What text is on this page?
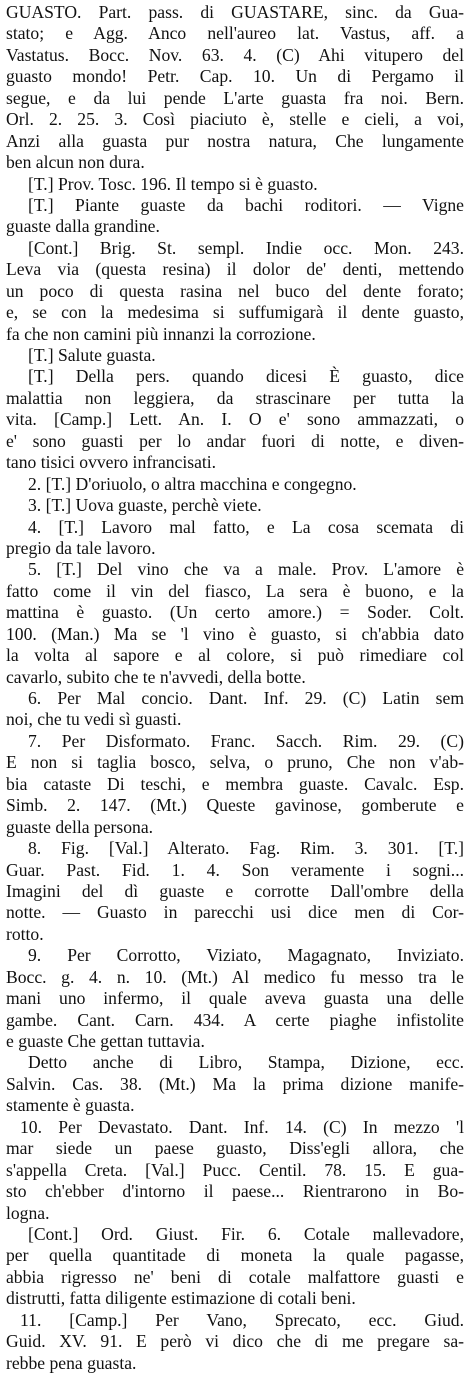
GUASTO. Part. pass. di GUASTARE, sinc. da Gua-
stato; e Agg. Anco nell'aureo lat. Vastus, aff. a
Vastatus. Bocc. Nov. 63. 4. (C) Ahi vitupero del
guasto mondo! Petr. Cap. 10. Un di Pergamo il
segue, e da lui pende L'arte guasta fra noi. Bern.
Orl. 2. 25. 3. Così piaciuto è, stelle e cieli, a voi,
Anzi alla guasta pur nostra natura, Che lungamente
ben alcun non dura.
[T.] Prov. Tosc. 196. Il tempo si è guasto.
[T.] Piante guaste da bachi roditori. — Vigne
guaste dalla grandine.
[Cont.] Brig. St. sempl. Indie occ. Mon. 243.
Leva via (questa resina) il dolor de' denti, mettendo
un poco di questa rasina nel buco del dente forato;
e, se con la medesima si suffumigarà il dente guasto,
fa che non camini più innanzi la corrozione.
[T.] Salute guasta.
[T.] Della pers. quando dicesi È guasto, dice
malattia non leggiera, da strascinare per tutta la
vita. [Camp.] Lett. An. I. O e' sono ammazzati, o
e' sono guasti per lo andar fuori di notte, e diven-
tano tisici ovvero infrancisati.
2. [T.] D'oriuolo, o altra macchina e congegno.
3. [T.] Uova guaste, perchè viete.
4. [T.] Lavoro mal fatto, e La cosa scemata di
pregio da tale lavoro.
5. [T.] Del vino che va a male. Prov. L'amore è
fatto come il vin del fiasco, La sera è buono, e la
mattina è guasto. (Un certo amore.) = Soder. Colt.
100. (Man.) Ma se 'l vino è guasto, si ch'abbia dato
la volta al sapore e al colore, si può rimediare col
cavarlo, subito che te n'avvedi, della botte.
6. Per Mal concio. Dant. Inf. 29. (C) Latin sem
noi, che tu vedi sì guasti.
7. Per Disformato. Franc. Sacch. Rim. 29. (C)
E non si taglia bosco, selva, o pruno, Che non v'ab-
bia cataste Di teschi, e membra guaste. Cavalc. Esp.
Simb. 2. 147. (Mt.) Queste gavinose, gomberute e
guaste della persona.
8. Fig. [Val.] Alterato. Fag. Rim. 3. 301. [T.]
Guar. Past. Fid. 1. 4. Son veramente i sogni...
Imagini del dì guaste e corrotte Dall'ombre della
notte. — Guasto in parecchi usi dice men di Cor-
rotto.
9. Per Corrotto, Viziato, Magagnato, Inviziato.
Bocc. g. 4. n. 10. (Mt.) Al medico fu messo tra le
mani uno infermo, il quale aveva guasta una delle
gambe. Cant. Carn. 434. A certe piaghe infistolite
e guaste Che gettan tuttavia.
Detto anche di Libro, Stampa, Dizione, ecc.
Salvin. Cas. 38. (Mt.) Ma la prima dizione manife-
stamente è guasta.
10. Per Devastato. Dant. Inf. 14. (C) In mezzo 'l
mar siede un paese guasto, Diss'egli allora, che
s'appella Creta. [Val.] Pucc. Centil. 78. 15. E gua-
sto ch'ebber d'intorno il paese... Rientrarono in Bo-
logna.
[Cont.] Ord. Giust. Fir. 6. Cotale mallevadore,
per quella quantitade di moneta la quale pagasse,
abbia rigresso ne' beni di cotale malfattore guasti e
distrutti, fatta diligente estimazione di cotali beni.
11. [Camp.] Per Vano, Sprecato, ecc. Giud.
Guid. XV. 91. E però vi dico che di me pregare sa-
rebbe pena guasta.
